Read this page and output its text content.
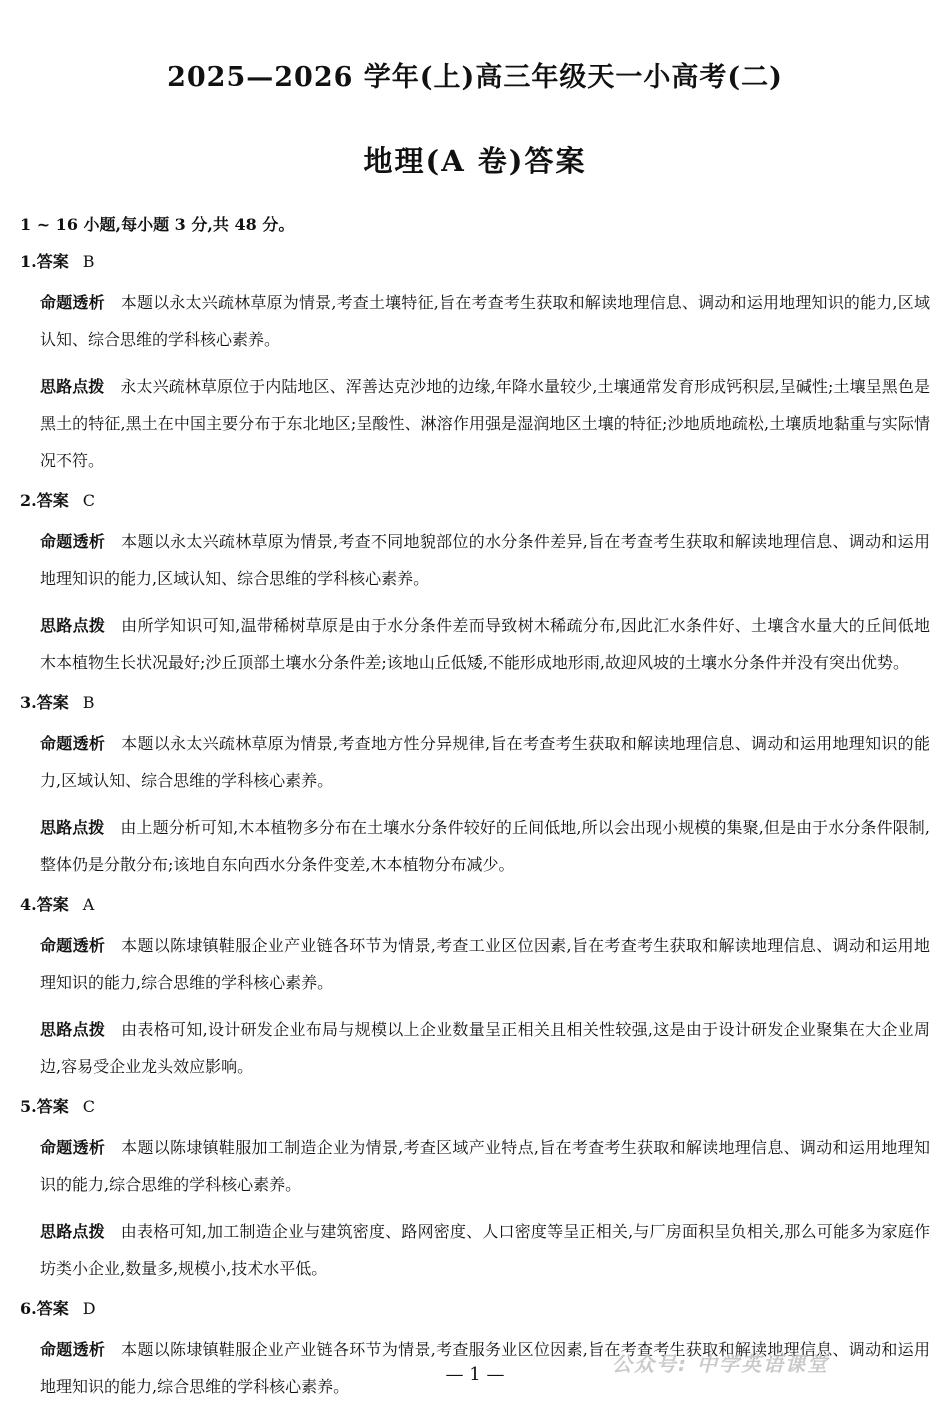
2025—2026 学年(上)高三年级天一小高考(二)
地理(A 卷)答案
1 ~ 16 小题,每小题 3 分,共 48 分。
1.答案 B
命题透析 本题以永太兴疏林草原为情景,考查土壤特征,旨在考查考生获取和解读地理信息、调动和运用地理知识的能力,区域认知、综合思维的学科核心素养。
思路点拨 永太兴疏林草原位于内陆地区、浑善达克沙地的边缘,年降水量较少,土壤通常发育形成钙积层,呈碱性;土壤呈黑色是黑土的特征,黑土在中国主要分布于东北地区;呈酸性、淋溶作用强是湿润地区土壤的特征;沙地质地疏松,土壤质地黏重与实际情况不符。
2.答案 C
命题透析 本题以永太兴疏林草原为情景,考查不同地貌部位的水分条件差异,旨在考查考生获取和解读地理信息、调动和运用地理知识的能力,区域认知、综合思维的学科核心素养。
思路点拨 由所学知识可知,温带稀树草原是由于水分条件差而导致树木稀疏分布,因此汇水条件好、土壤含水量大的丘间低地木本植物生长状况最好;沙丘顶部土壤水分条件差;该地山丘低矮,不能形成地形雨,故迎风坡的土壤水分条件并没有突出优势。
3.答案 B
命题透析 本题以永太兴疏林草原为情景,考查地方性分异规律,旨在考查考生获取和解读地理信息、调动和运用地理知识的能力,区域认知、综合思维的学科核心素养。
思路点拨 由上题分析可知,木本植物多分布在土壤水分条件较好的丘间低地,所以会出现小规模的集聚,但是由于水分条件限制,整体仍是分散分布;该地自东向西水分条件变差,木本植物分布减少。
4.答案 A
命题透析 本题以陈埭镇鞋服企业产业链各环节为情景,考查工业区位因素,旨在考查考生获取和解读地理信息、调动和运用地理知识的能力,综合思维的学科核心素养。
思路点拨 由表格可知,设计研发企业布局与规模以上企业数量呈正相关且相关性较强,这是由于设计研发企业聚集在大企业周边,容易受企业龙头效应影响。
5.答案 C
命题透析 本题以陈埭镇鞋服加工制造企业为情景,考查区域产业特点,旨在考查考生获取和解读地理信息、调动和运用地理知识的能力,综合思维的学科核心素养。
思路点拨 由表格可知,加工制造企业与建筑密度、路网密度、人口密度等呈正相关,与厂房面积呈负相关,那么可能多为家庭作坊类小企业,数量多,规模小,技术水平低。
6.答案 D
命题透析 本题以陈埭镇鞋服企业产业链各环节为情景,考查服务业区位因素,旨在考查考生获取和解读地理信息、调动和运用地理知识的能力,综合思维的学科核心素养。
公众号: 中学英语课堂
— 1 —
